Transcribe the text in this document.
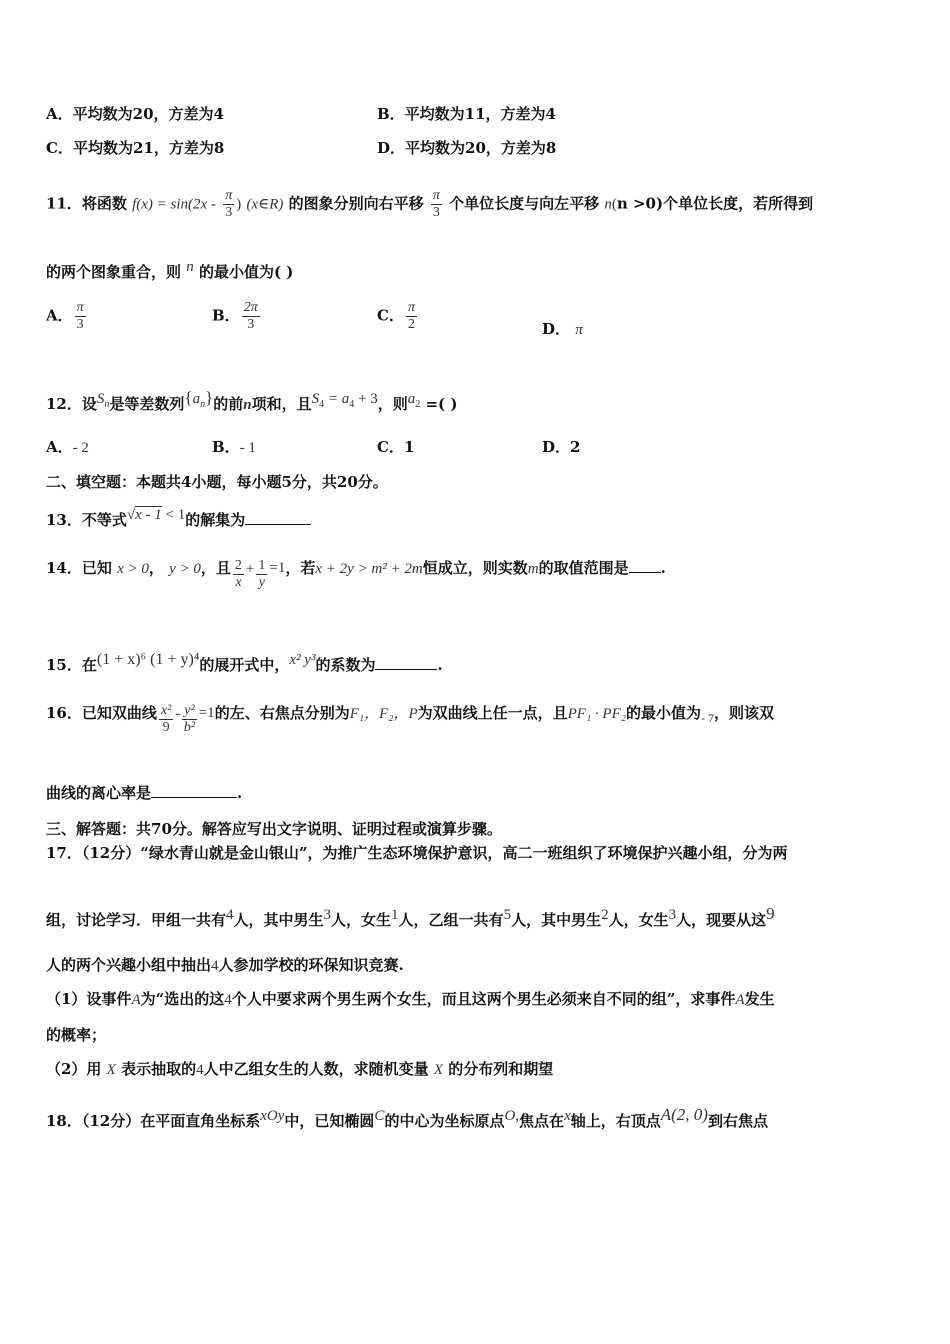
A．平均数为20，方差为4	B．平均数为11，方差为4
C．平均数为21，方差为8	D．平均数为20，方差为8
11．将函数 $f(x) = \sin(2x - \frac{\pi}{3}$ ) (x∈R) 的图象分别向右平移 $\frac{\pi}{3}$ 个单位长度与向左平移 n(n >0)个单位长度，若所得到
的两个图象重合，则 n 的最小值为( )
A． $\frac{\pi}{3}$	B． $\frac{2\pi}{3}$	C． $\frac{\pi}{2}$	D． π
12．设$S_n$是等差数列$\{a_n\}$的前n项和，且$S_4 = a_4 + 3$，则$a_2$ =( )
A．- 2	B．- 1	C．1	D．2
二、填空题：本题共4小题，每小题5分，共20分。
13．不等式√x - 1 < 1的解集为
14．已知 x > 0， y > 0，且 $\frac{2}{x} + \frac{1}{y} =1$，若x + 2y > m² + 2m恒成立，则实数m的取值范围是 .
15．在(1 + x)⁶ (1 + y)⁴的展开式中，x² y³的系数为	.
16．已知双曲线 $\frac{\text{x²}}{9} - \frac{\text{y²}}{\text{b²}} =1$的左、右焦点分别为F₁，F₂，P为双曲线上任一点，且PF₁ · PF₂的最小值为$_{- 7}$，则该双
曲线的离心率是	.
三、解答题：共70分。解答应写出文字说明、证明过程或演算步骤。
17．（12分）“绿水青山就是金山银山”，为推广生态环境保护意识，高二一班组织了环境保护兴趣小组，分为两
组，讨论学习．甲组一共有4人，其中男生3人，女生1人，乙组一共有5人，其中男生2人，女生3人，现要从这9
人的两个兴趣小组中抽出4人参加学校的环保知识竞赛.
（1）设事件A为“选出的这4个人中要求两个男生两个女生，而且这两个男生必须来自不同的组”，求事件A发生
的概率；
（2）用 X 表示抽取的4人中乙组女生的人数，求随机变量 X 的分布列和期望
18．（12分）在平面直角坐标系xOy中，已知椭圆C的中心为坐标原点O,焦点在x轴上，右顶点A(2, 0)到右焦点
